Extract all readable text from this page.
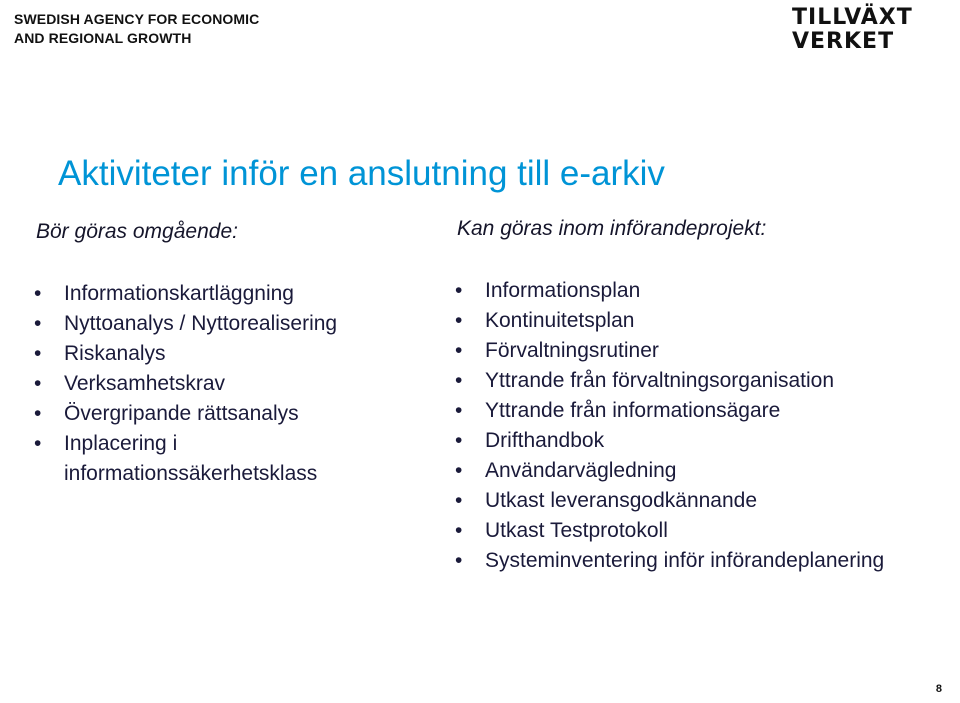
SWEDISH AGENCY FOR ECONOMIC
AND REGIONAL GROWTH
TILLVÄXT
VERKET
Aktiviteter inför en anslutning till e-arkiv
Bör göras omgående:
•	Informationskartläggning
•	Nyttoanalys / Nyttorealisering
•	Riskanalys
•	Verksamhetskrav
•	Övergripande rättsanalys
•	Inplacering i informationssäkerhetsklass
Kan göras inom införandeprojekt:
•	Informationsplan
•	Kontinuitetsplan
•	Förvaltningsrutiner
•	Yttrande från förvaltningsorganisation
•	Yttrande från informationsägare
•	Drifthandbok
•	Användarvägledning
•	Utkast leveransgodkännande
•	Utkast Testprotokoll
•	Systeminventering inför införandeplanering
8
